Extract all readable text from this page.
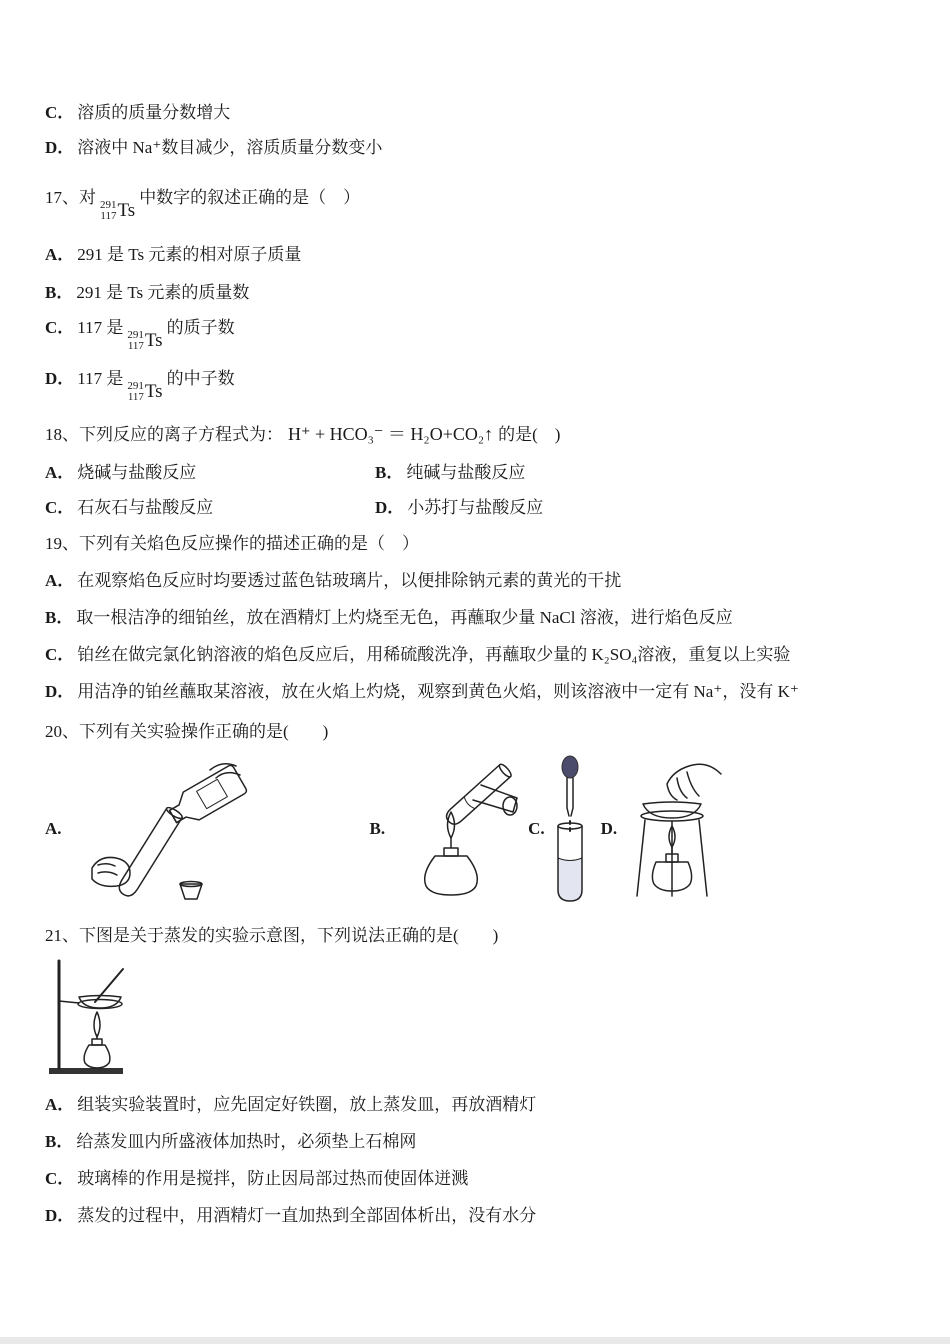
C． 溶质的质量分数增大

D． 溶液中 Na⁺数目减少，溶质质量分数变小

17、对 291
117 Ts
中数字的叙述正确的是（　）

A． 291 是 Ts 元素的相对原子质量

B． 291 是 Ts 元素的质量数

C． 117 是 291
117 Ts
的质子数

D． 117 是 291
117 Ts
的中子数

18、下列反应的离子方程式为： H⁺ + HCO₃⁻ ＝ H₂O+CO₂↑ 的是(　)

A． 烧碱与盐酸反应	B． 纯碱与盐酸反应

C． 石灰石与盐酸反应	D． 小苏打与盐酸反应

19、下列有关焰色反应操作的描述正确的是（　）

A． 在观察焰色反应时均要透过蓝色钴玻璃片，以便排除钠元素的黄光的干扰

B． 取一根洁净的细铂丝，放在酒精灯上灼烧至无色，再蘸取少量 NaCl 溶液，进行焰色反应

C． 铂丝在做完氯化钠溶液的焰色反应后，用稀硫酸洗净，再蘸取少量的 K₂SO₄溶液，重复以上实验

D． 用洁净的铂丝蘸取某溶液，放在火焰上灼烧，观察到黄色火焰，则该溶液中一定有 Na⁺，没有 K⁺

20、下列有关实验操作正确的是(　　)

A.	B.	C.	D.

21、下图是关于蒸发的实验示意图，下列说法正确的是(　　)

A． 组装实验装置时，应先固定好铁圈，放上蒸发皿，再放酒精灯

B． 给蒸发皿内所盛液体加热时，必须垫上石棉网

C． 玻璃棒的作用是搅拌，防止因局部过热而使固体迸溅

D． 蒸发的过程中，用酒精灯一直加热到全部固体析出，没有水分
